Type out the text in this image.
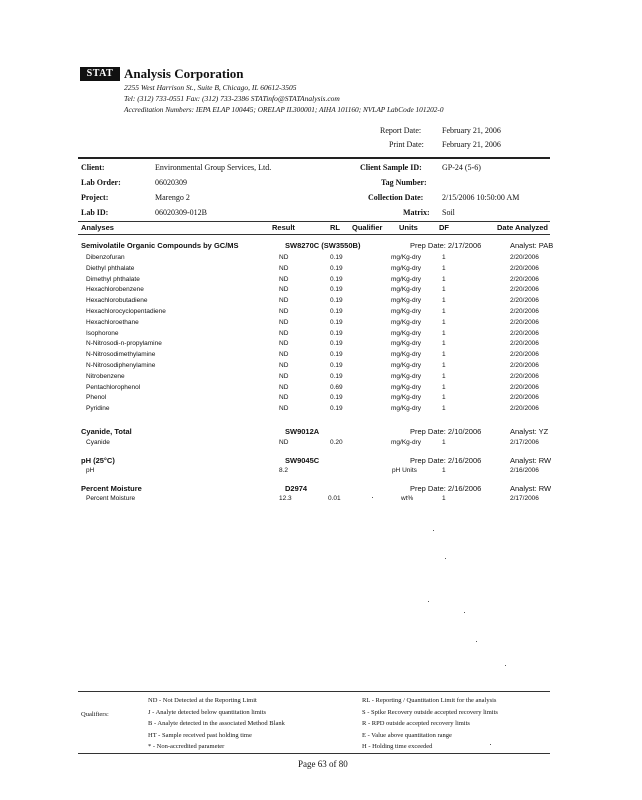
STAT Analysis Corporation
2255 West Harrison St., Suite B, Chicago, IL 60612-3505
Tel: (312) 733-0551 Fax: (312) 733-2386 STATinfo@STATAnalysis.com
Accreditation Numbers: IEPA ELAP 100445; ORELAP IL300001; AIHA 101160; NVLAP LabCode 101202-0
Report Date:	February 21, 2006
Print Date: February 21, 2006
Client:	Environmental Group Services, Ltd.
Lab Order:	06020309
Project:	Marengo 2
Lab ID:	06020309-012B
Client Sample ID:	GP-24 (5-6)
Tag Number:
Collection Date: 2/15/2006 10:50:00 AM
Matrix: Soil
Analyses	Result	RL Qualifier Units	DF	Date Analyzed
Semivolatile Organic Compounds by GC/MS	SW8270C (SW3550B)	Prep Date: 2/17/2006	Analyst: PAB
Dibenzofuran	ND	0.19	mg/Kg-dry	1	2/20/2006
Diethyl phthalate	ND	0.19	mg/Kg-dry	1	2/20/2006
Dimethyl phthalate	ND	0.19	mg/Kg-dry	1	2/20/2006
Hexachlorobenzene	ND	0.19	mg/Kg-dry	1	2/20/2006
Hexachlorobutadiene	ND	0.19	mg/Kg-dry	1	2/20/2006
Hexachlorocyclopentadiene	ND	0.19	mg/Kg-dry	1	2/20/2006
Hexachloroethane	ND	0.19	mg/Kg-dry	1	2/20/2006
Isophorone	ND	0.19	mg/Kg-dry	1	2/20/2006
N-Nitrosodi-n-propylamine	ND	0.19	mg/Kg-dry	1	2/20/2006
N-Nitrosodimethylamine	ND	0.19	mg/Kg-dry	1	2/20/2006
N-Nitrosodiphenylamine	ND	0.19	mg/Kg-dry	1	2/20/2006
Nitrobenzene	ND	0.19	mg/Kg-dry	1	2/20/2006
Pentachlorophenol	ND	0.69	mg/Kg-dry	1	2/20/2006
Phenol	ND	0.19	mg/Kg-dry	1	2/20/2006
Pyridine	ND	0.19	mg/Kg-dry	1	2/20/2006
Cyanide, Total	SW9012A	Prep Date: 2/10/2006	Analyst: YZ
Cyanide	ND	0.20	mg/Kg-dry	1	2/17/2006
pH (25°C)	SW9045C	Prep Date: 2/16/2006	Analyst: RW
pH	8.2	pH Units	1	2/16/2006
Percent Moisture	D2974	Prep Date: 2/16/2006	Analyst: RW
Percent Moisture	12.3	0.01	wt%	1	2/17/2006
Qualifiers:
ND - Not Detected at the Reporting Limit
J - Analyte detected below quantitation limits
B - Analyte detected in the associated Method Blank
HT - Sample received past holding time
* - Non-accredited parameter
RL - Reporting / Quantitation Limit for the analysis
S - Spike Recovery outside accepted recovery limits
R - RPD outside accepted recovery limits
E - Value above quantitation range
H - Holding time exceeded
Page 63 of 80
